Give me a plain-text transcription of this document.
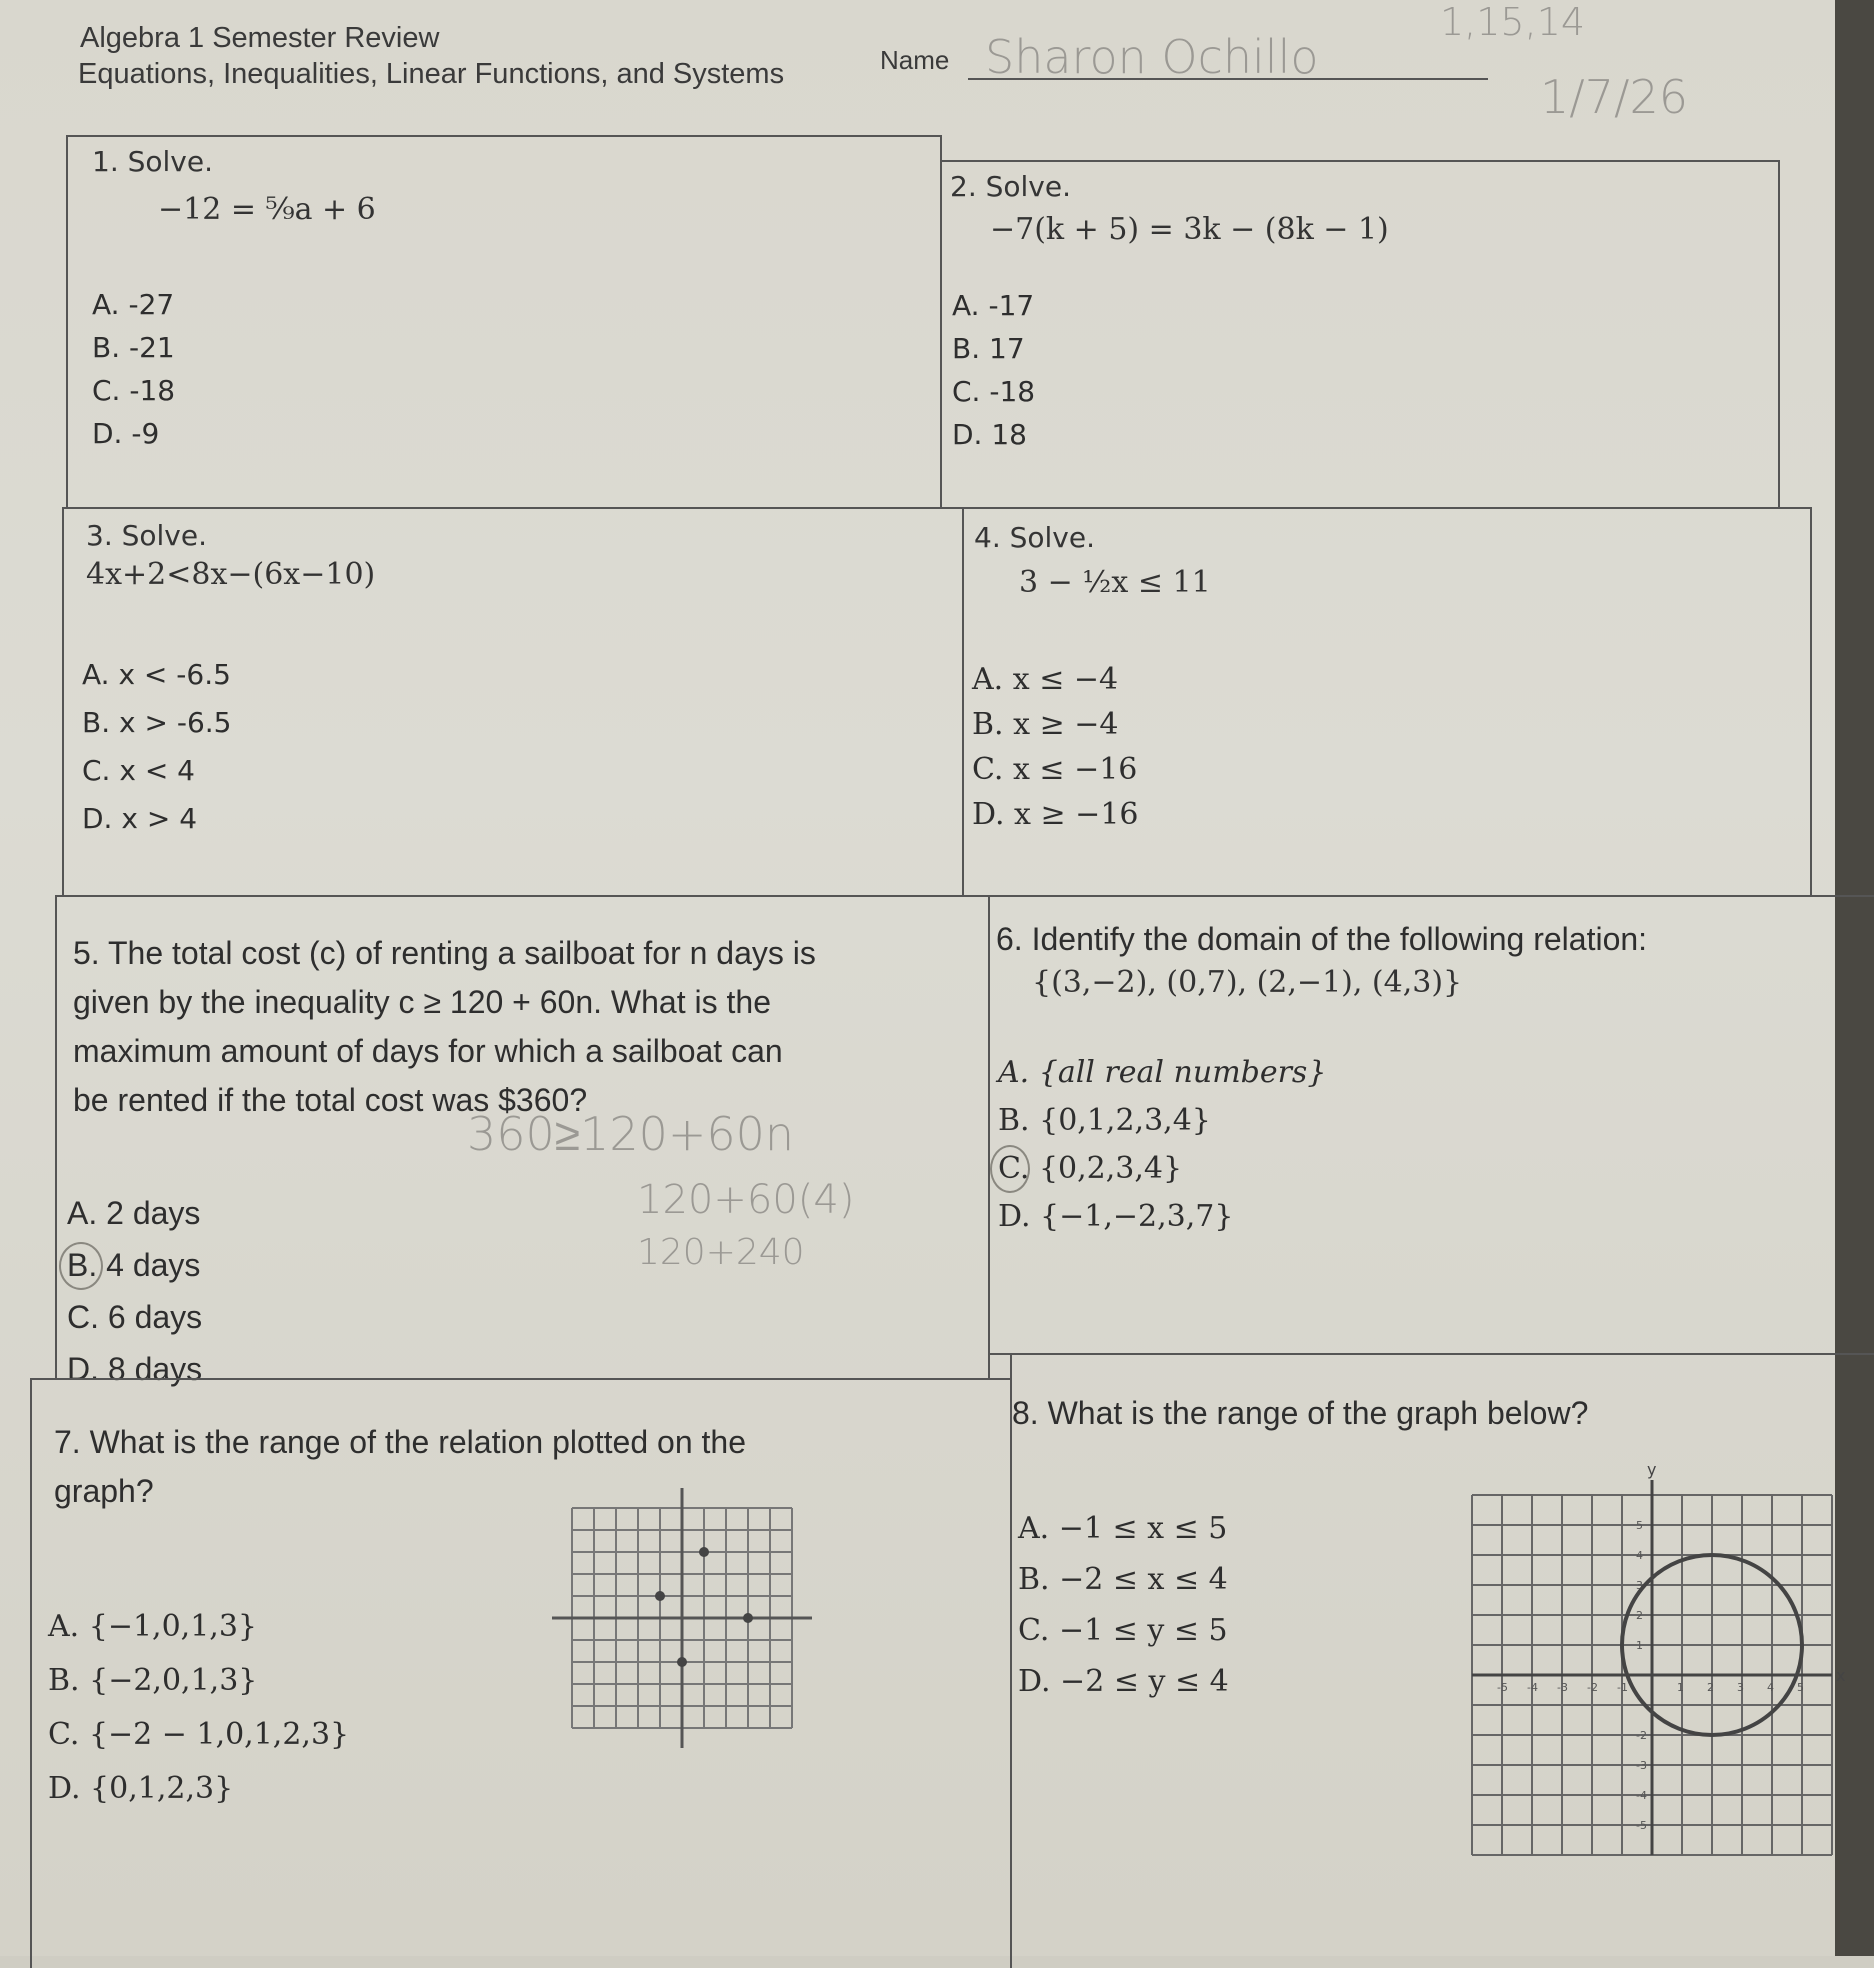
Algebra 1 Semester Review
Equations, Inequalities, Linear Functions, and Systems	Name Sharon Ochillo
1,15,14
1/7/26
1. Solve.
−12 = ⁵⁄₉a + 6
A. -27
B. -21
C. -18
D. -9
2. Solve.
−7(k + 5) = 3k − (8k − 1)
A. -17
B. 17
C. -18
D. 18
3. Solve.
4x+2<8x−(6x−10)
A. x < -6.5
B. x > -6.5
C. x < 4
D. x > 4
4. Solve.
3 − ½x ≤ 11
A. x ≤ −4
B. x ≥ −4
C. x ≤ −16
D. x ≥ −16
5. The total cost (c) of renting a sailboat for n days is
given by the inequality c ≥ 120 + 60n. What is the
maximum amount of days for which a sailboat can
be rented if the total cost was $360?
A. 2 days
B. 4 days
C. 6 days
D. 8 days
360≥120+60n
120+60(4)
120+240
6. Identify the domain of the following relation:
{(3,−2), (0,7), (2,−1), (4,3)}
A. {all real numbers}
B. {0,1,2,3,4}
C. {0,2,3,4}
D. {−1,−2,3,7}
7. What is the range of the relation plotted on the
graph?
A. {−1,0,1,3}
B. {−2,0,1,3}
C. {−2 − 1,0,1,2,3}
D. {0,1,2,3}
8. What is the range of the graph below?
A. −1 ≤ x ≤ 5
B. −2 ≤ x ≤ 4
C. −1 ≤ y ≤ 5
D. −2 ≤ y ≤ 4
y
x
-5 -4 -3 -2 -1	1 2 3 4 5
5
4
3
2
1
-2
-3
-4
-5
